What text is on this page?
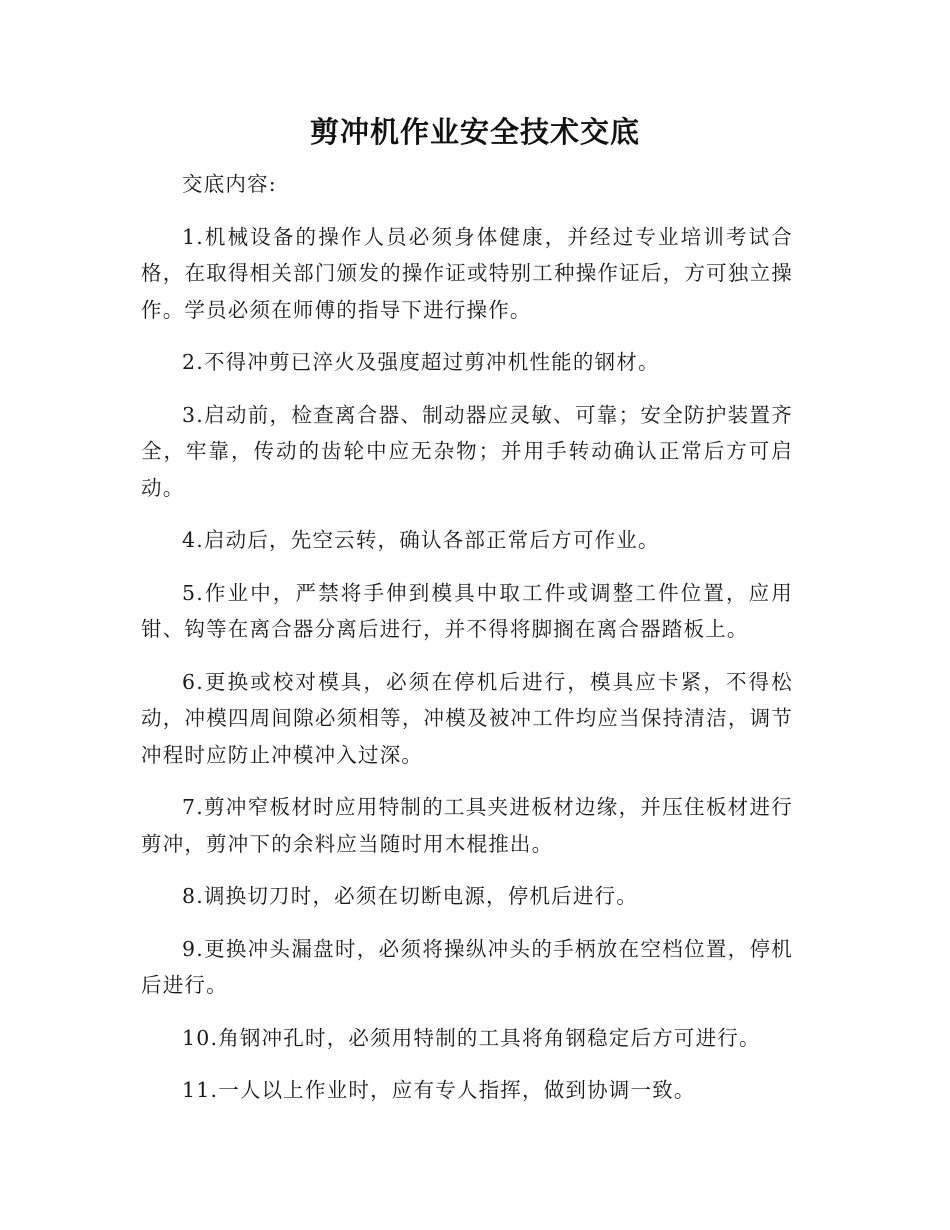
剪冲机作业安全技术交底

交底内容:

1.机械设备的操作人员必须身体健康，并经过专业培训考试合格，在取得相关部门颁发的操作证或特别工种操作证后，方可独立操作。学员必须在师傅的指导下进行操作。

2.不得冲剪已淬火及强度超过剪冲机性能的钢材。

3.启动前，检查离合器、制动器应灵敏、可靠；安全防护装置齐全，牢靠，传动的齿轮中应无杂物；并用手转动确认正常后方可启动。

4.启动后，先空云转，确认各部正常后方可作业。

5.作业中，严禁将手伸到模具中取工件或调整工件位置，应用钳、钩等在离合器分离后进行，并不得将脚搁在离合器踏板上。

6.更换或校对模具，必须在停机后进行，模具应卡紧，不得松动，冲模四周间隙必须相等，冲模及被冲工件均应当保持清洁，调节冲程时应防止冲模冲入过深。

7.剪冲窄板材时应用特制的工具夹进板材边缘，并压住板材进行剪冲，剪冲下的余料应当随时用木棍推出。

8.调换切刀时，必须在切断电源，停机后进行。

9.更换冲头漏盘时，必须将操纵冲头的手柄放在空档位置，停机后进行。

10.角钢冲孔时，必须用特制的工具将角钢稳定后方可进行。

11.一人以上作业时，应有专人指挥，做到协调一致。
